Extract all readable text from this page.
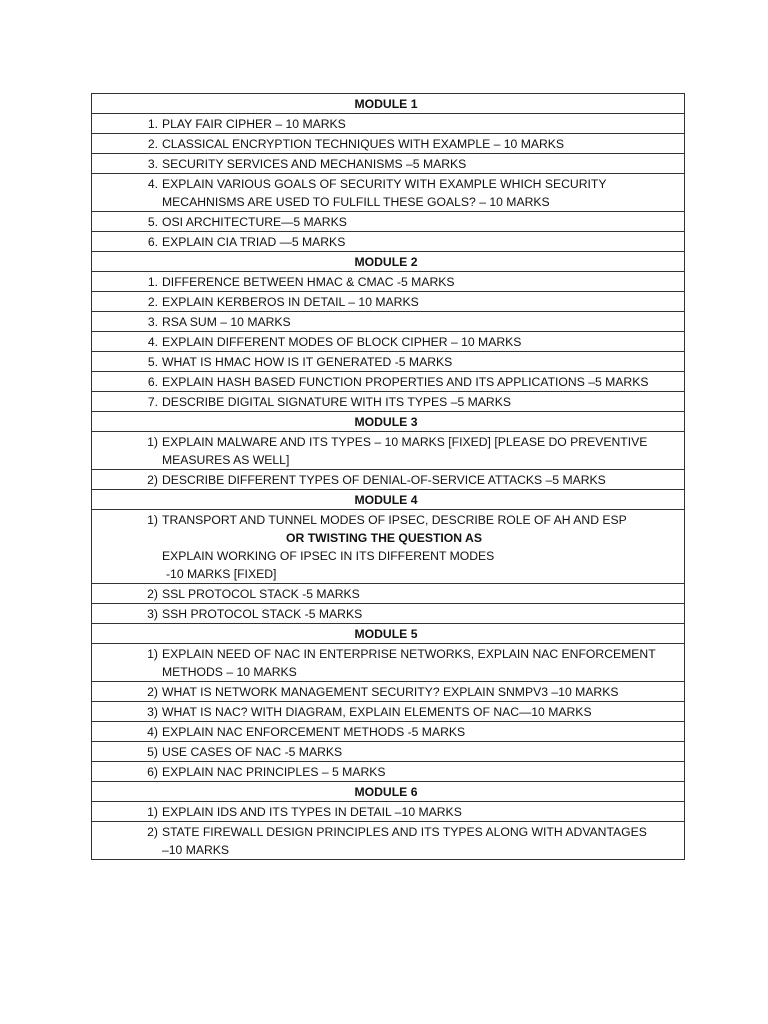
MODULE 1

1. PLAY FAIR CIPHER – 10 MARKS

2. CLASSICAL ENCRYPTION TECHNIQUES WITH EXAMPLE – 10 MARKS

3. SECURITY SERVICES AND MECHANISMS –5 MARKS

4. EXPLAIN VARIOUS GOALS OF SECURITY WITH EXAMPLE WHICH SECURITY
MECAHNISMS ARE USED TO FULFILL THESE GOALS? – 10 MARKS

5. OSI ARCHITECTURE—5 MARKS

6. EXPLAIN CIA TRIAD —5 MARKS

MODULE 2

1. DIFFERENCE BETWEEN HMAC & CMAC -5 MARKS

2. EXPLAIN KERBEROS IN DETAIL – 10 MARKS

3. RSA SUM – 10 MARKS

4. EXPLAIN DIFFERENT MODES OF BLOCK CIPHER – 10 MARKS

5. WHAT IS HMAC HOW IS IT GENERATED -5 MARKS

6. EXPLAIN HASH BASED FUNCTION PROPERTIES AND ITS APPLICATIONS –5 MARKS

7. DESCRIBE DIGITAL SIGNATURE WITH ITS TYPES –5 MARKS

MODULE 3

1) EXPLAIN MALWARE AND ITS TYPES – 10 MARKS [FIXED] [PLEASE DO PREVENTIVE
MEASURES AS WELL]

2) DESCRIBE DIFFERENT TYPES OF DENIAL-OF-SERVICE ATTACKS –5 MARKS

MODULE 4

1) TRANSPORT AND TUNNEL MODES OF IPSEC, DESCRIBE ROLE OF AH AND ESP
OR TWISTING THE QUESTION AS
EXPLAIN WORKING OF IPSEC IN ITS DIFFERENT MODES
-10 MARKS [FIXED]

2) SSL PROTOCOL STACK -5 MARKS

3) SSH PROTOCOL STACK -5 MARKS

MODULE 5

1) EXPLAIN NEED OF NAC IN ENTERPRISE NETWORKS, EXPLAIN NAC ENFORCEMENT
METHODS – 10 MARKS

2) WHAT IS NETWORK MANAGEMENT SECURITY? EXPLAIN SNMPV3 –10 MARKS

3) WHAT IS NAC? WITH DIAGRAM, EXPLAIN ELEMENTS OF NAC—10 MARKS

4) EXPLAIN NAC ENFORCEMENT METHODS -5 MARKS

5) USE CASES OF NAC -5 MARKS

6) EXPLAIN NAC PRINCIPLES – 5 MARKS

MODULE 6

1) EXPLAIN IDS AND ITS TYPES IN DETAIL –10 MARKS

2) STATE FIREWALL DESIGN PRINCIPLES AND ITS TYPES ALONG WITH ADVANTAGES
–10 MARKS
